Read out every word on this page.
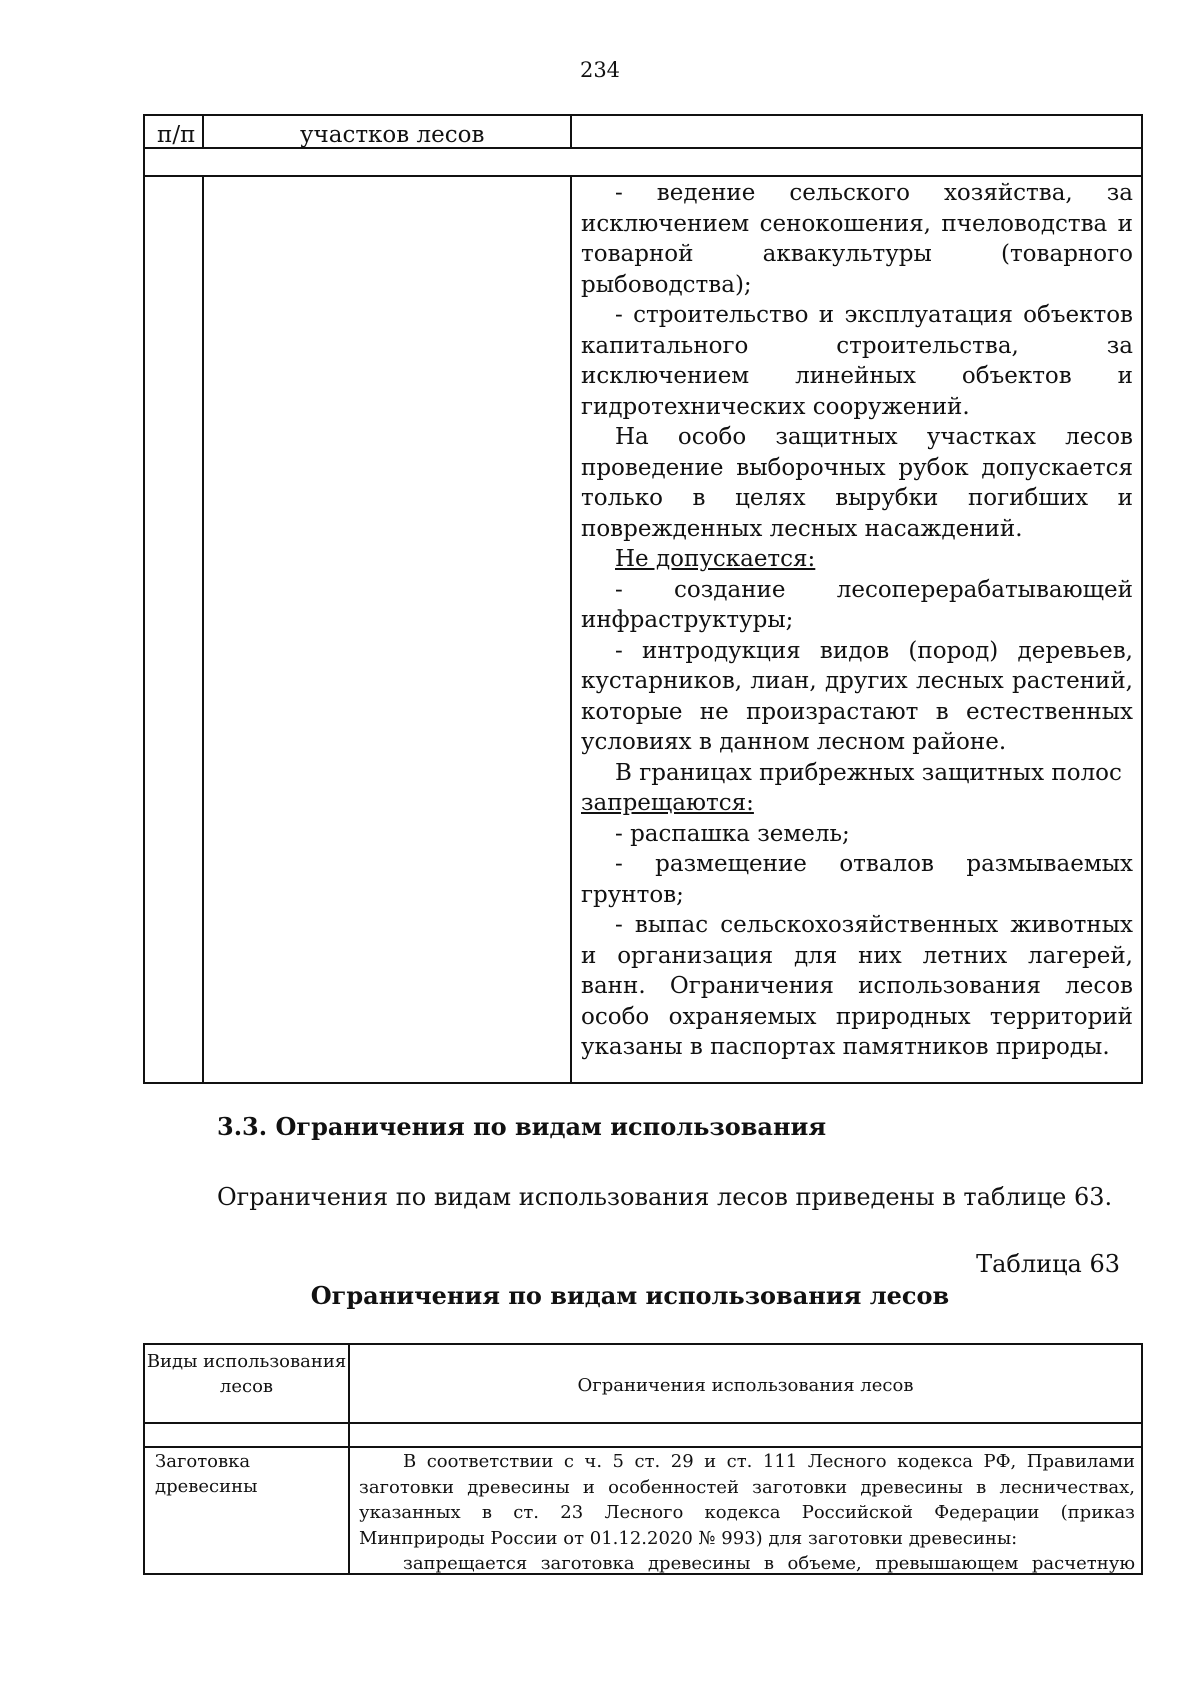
234
п/п	участков лесов

- ведение сельского хозяйства, за исключением сенокошения, пчеловодства и товарной аквакультуры (товарного рыбоводства);

- строительство и эксплуатация объектов капитального строительства, за исключением линейных объектов и гидротехнических сооружений.

На особо защитных участках лесов проведение выборочных рубок допускается только в целях вырубки погибших и поврежденных лесных насаждений.

Не допускается:

- создание лесоперерабатывающей инфраструктуры;

- интродукция видов (пород) деревьев, кустарников, лиан, других лесных растений, которые не произрастают в естественных условиях в данном лесном районе.

В границах прибрежных защитных полос

запрещаются:

- распашка земель;

- размещение отвалов размываемых грунтов;

- выпас сельскохозяйственных животных и организация для них летних лагерей, ванн. Ограничения использования лесов особо охраняемых природных территорий указаны в паспортах памятников природы.

3.3. Ограничения по видам использования
Ограничения по видам использования лесов приведены в таблице 63.
Таблица 63
Ограничения по видам использования лесов
Виды использования лесов	Ограничения использования лесов
Заготовка древесины

В соответствии с ч. 5 ст. 29 и ст. 111 Лесного кодекса РФ, Правилами заготовки древесины и особенностей заготовки древесины в лесничествах, указанных в ст. 23 Лесного кодекса Российской Федерации (приказ Минприроды России от 01.12.2020 № 993) для заготовки древесины:

запрещается заготовка древесины в объеме, превышающем расчетную
